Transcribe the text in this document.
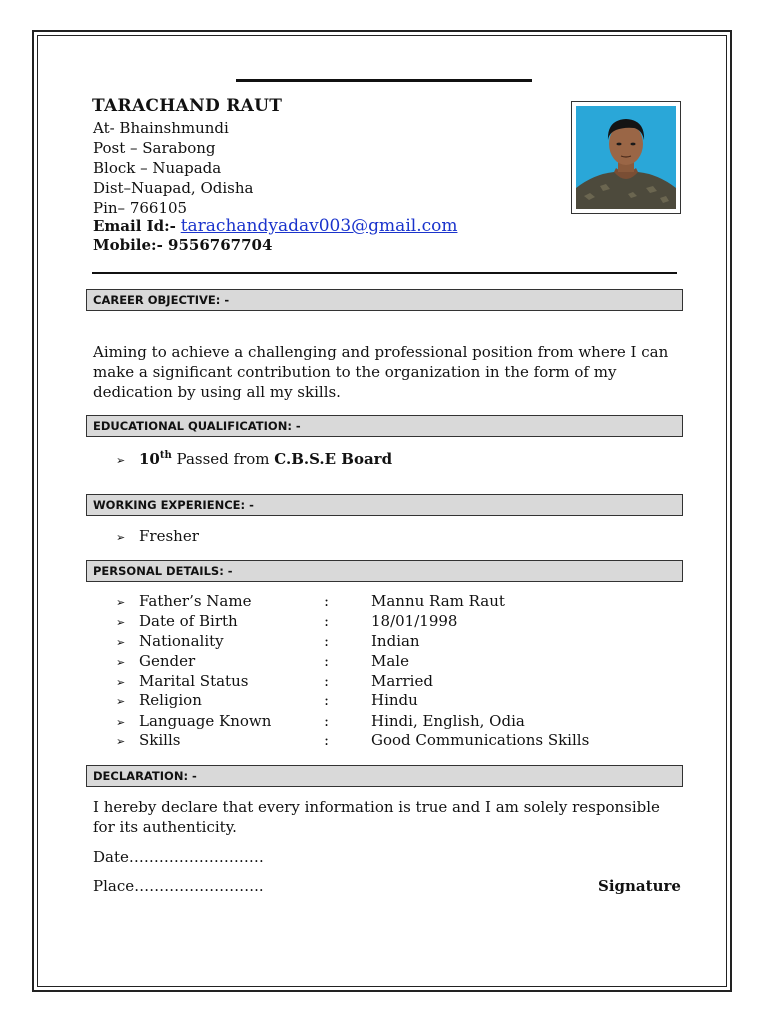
TARACHAND RAUT
At- Bhainshmundi
Post – Sarabong
Block – Nuapada
Dist–Nuapad, Odisha
Pin– 766105
Email Id:- tarachandyadav003@gmail.com
Mobile:- 9556767704
CAREER OBJECTIVE: -
Aiming to achieve a challenging and professional position from where I can make a significant contribution to the organization in the form of my dedication by using all my skills.
EDUCATIONAL QUALIFICATION: -
➢ 10th Passed from C.B.S.E Board
WORKING EXPERIENCE: -
➢ Fresher
PERSONAL DETAILS: -
➢ Father’s Name	:	Mannu Ram Raut
➢ Date of Birth	:	18/01/1998
➢ Nationality	:	Indian
➢ Gender	:	Male
➢ Marital Status	:	Married
➢ Religion	:	Hindu
➢ Language Known	:	Hindi, English, Odia
➢ Skills	:	Good Communications Skills
DECLARATION: -
I hereby declare that every information is true and I am solely responsible for its authenticity.
Date………………………
Place……………………..	Signature
